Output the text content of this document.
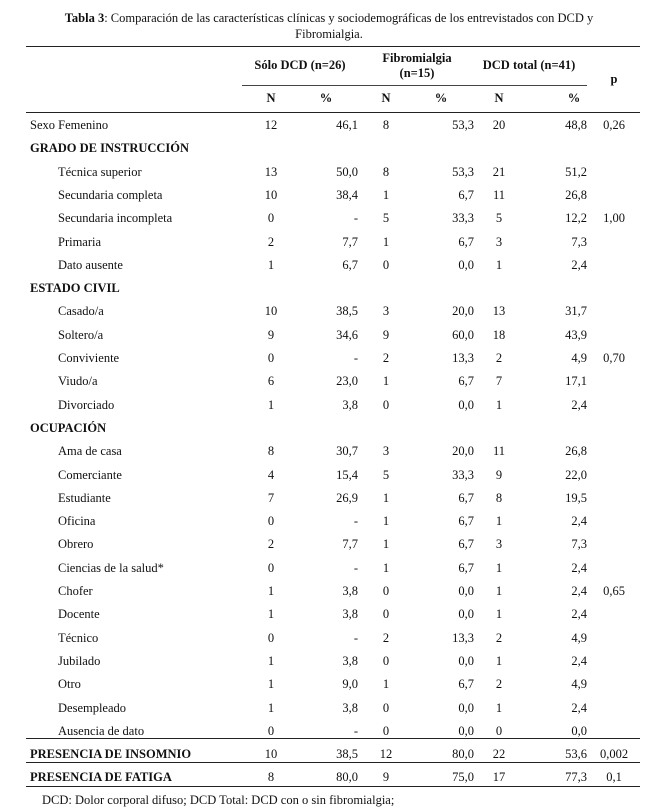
Tabla 3: Comparación de las características clínicas y sociodemográficas de los entrevistados con DCD y
Fibromialgia.
Sólo DCD (n=26)	Fibromialgia
(n=15)
DCD total (n=41)
p
N	%	N	%	N	%
Sexo Femenino	12	46,1	8	53,3	20	48,8	0,26
GRADO DE INSTRUCCIÓN
Técnica superior	13	50,0	8	53,3	21	51,2
Secundaria completa	10	38,4	1	6,7	11	26,8
Secundaria incompleta	0	-	5	33,3	5	12,2	1,00
Primaria	2	7,7	1	6,7	3	7,3
Dato ausente	1	6,7	0	0,0	1	2,4
ESTADO CIVIL
Casado/a	10	38,5	3	20,0	13	31,7
Soltero/a	9	34,6	9	60,0	18	43,9
Conviviente	0	-	2	13,3	2	4,9	0,70
Viudo/a	6	23,0	1	6,7	7	17,1
Divorciado	1	3,8	0	0,0	1	2,4
OCUPACIÓN
Ama de casa	8	30,7	3	20,0	11	26,8
Comerciante	4	15,4	5	33,3	9	22,0
Estudiante	7	26,9	1	6,7	8	19,5
Oficina	0	-	1	6,7	1	2,4
Obrero	2	7,7	1	6,7	3	7,3
Ciencias de la salud*	0	-	1	6,7	1	2,4
Chofer	1	3,8	0	0,0	1	2,4	0,65
Docente	1	3,8	0	0,0	1	2,4
Técnico	0	-	2	13,3	2	4,9
Jubilado	1	3,8	0	0,0	1	2,4
Otro	1	9,0	1	6,7	2	4,9
Desempleado	1	3,8	0	0,0	1	2,4
Ausencia de dato	0	-	0	0,0	0	0,0
PRESENCIA DE INSOMNIO	10	38,5	12	80,0	22	53,6	0,002
PRESENCIA DE FATIGA	8	80,0	9	75,0	17	77,3	0,1
DCD: Dolor corporal difuso; DCD Total: DCD con o sin fibromialgia;
